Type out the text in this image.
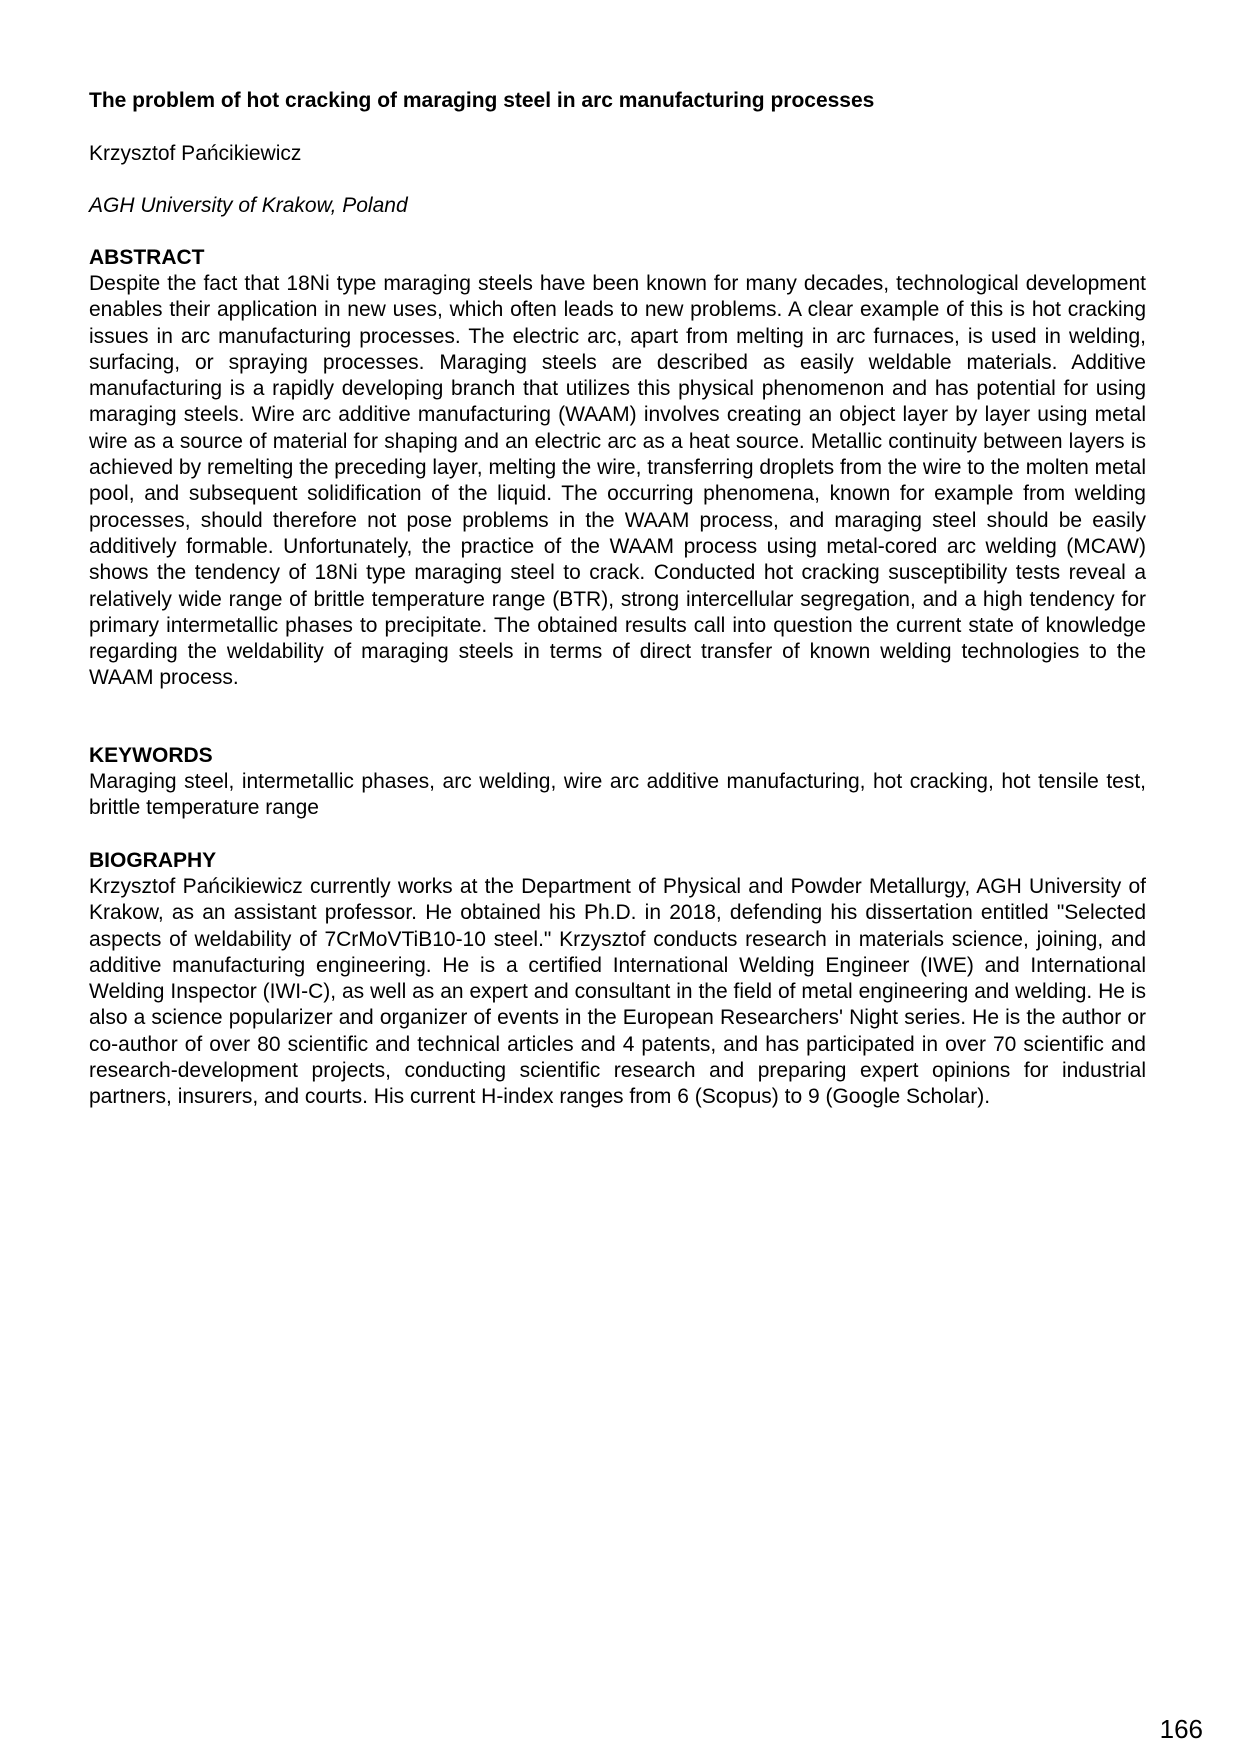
The problem of hot cracking of maraging steel in arc manufacturing processes

Krzysztof Pańcikiewicz

AGH University of Krakow, Poland

ABSTRACT

Despite the fact that 18Ni type maraging steels have been known for many decades, technological development enables their application in new uses, which often leads to new problems. A clear example of this is hot cracking issues in arc manufacturing processes. The electric arc, apart from melting in arc furnaces, is used in welding, surfacing, or spraying processes. Maraging steels are described as easily weldable materials. Additive manufacturing is a rapidly developing branch that utilizes this physical phenomenon and has potential for using maraging steels. Wire arc additive manufacturing (WAAM) involves creating an object layer by layer using metal wire as a source of material for shaping and an electric arc as a heat source. Metallic continuity between layers is achieved by remelting the preceding layer, melting the wire, transferring droplets from the wire to the molten metal pool, and subsequent solidification of the liquid. The occurring phenomena, known for example from welding processes, should therefore not pose problems in the WAAM process, and maraging steel should be easily additively formable. Unfortunately, the practice of the WAAM process using metal-cored arc welding (MCAW) shows the tendency of 18Ni type maraging steel to crack. Conducted hot cracking susceptibility tests reveal a relatively wide range of brittle temperature range (BTR), strong intercellular segregation, and a high tendency for primary intermetallic phases to precipitate. The obtained results call into question the current state of knowledge regarding the weldability of maraging steels in terms of direct transfer of known welding technologies to the WAAM process.

KEYWORDS

Maraging steel, intermetallic phases, arc welding, wire arc additive manufacturing, hot cracking, hot tensile test, brittle temperature range

BIOGRAPHY

Krzysztof Pańcikiewicz currently works at the Department of Physical and Powder Metallurgy, AGH University of Krakow, as an assistant professor. He obtained his Ph.D. in 2018, defending his dissertation entitled "Selected aspects of weldability of 7CrMoVTiB10-10 steel." Krzysztof conducts research in materials science, joining, and additive manufacturing engineering. He is a certified International Welding Engineer (IWE) and International Welding Inspector (IWI-C), as well as an expert and consultant in the field of metal engineering and welding. He is also a science popularizer and organizer of events in the European Researchers' Night series. He is the author or co-author of over 80 scientific and technical articles and 4 patents, and has participated in over 70 scientific and research-development projects, conducting scientific research and preparing expert opinions for industrial partners, insurers, and courts. His current H-index ranges from 6 (Scopus) to 9 (Google Scholar).

166
